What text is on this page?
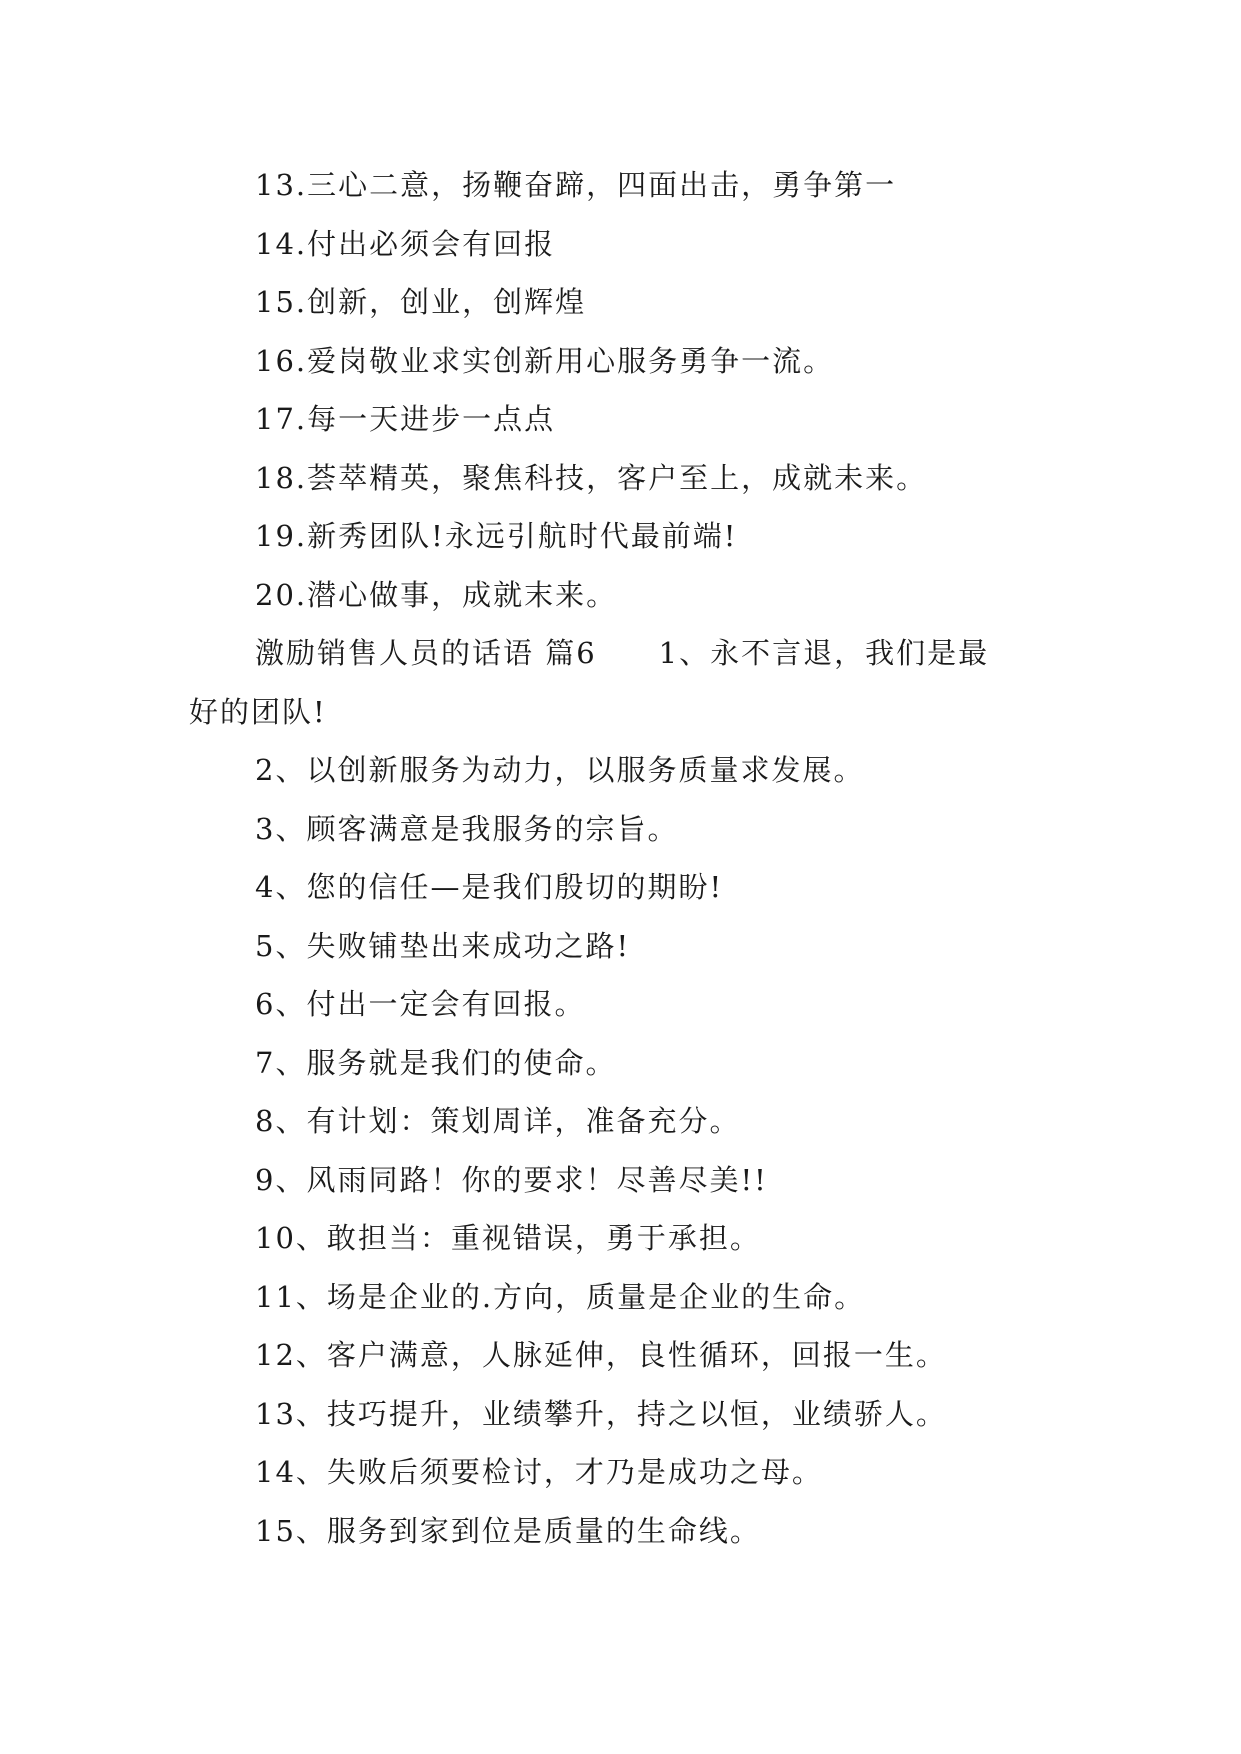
13.三心二意，扬鞭奋蹄，四面出击，勇争第一
14.付出必须会有回报
15.创新，创业，创辉煌
16.爱岗敬业求实创新用心服务勇争一流。
17.每一天进步一点点
18.荟萃精英，聚焦科技，客户至上，成就未来。
19.新秀团队!永远引航时代最前端!
20.潜心做事，成就末来。
激励销售人员的话语 篇6 1、永不言退，我们是最
好的团队!
2、以创新服务为动力，以服务质量求发展。
3、顾客满意是我服务的宗旨。
4、您的信任—是我们殷切的期盼!
5、失败铺垫出来成功之路!
6、付出一定会有回报。
7、服务就是我们的使命。
8、有计划：策划周详，准备充分。
9、风雨同路！你的要求！尽善尽美!!
10、敢担当：重视错误，勇于承担。
11、场是企业的.方向，质量是企业的生命。
12、客户满意，人脉延伸，良性循环，回报一生。
13、技巧提升，业绩攀升，持之以恒，业绩骄人。
14、失败后须要检讨，才乃是成功之母。
15、服务到家到位是质量的生命线。
